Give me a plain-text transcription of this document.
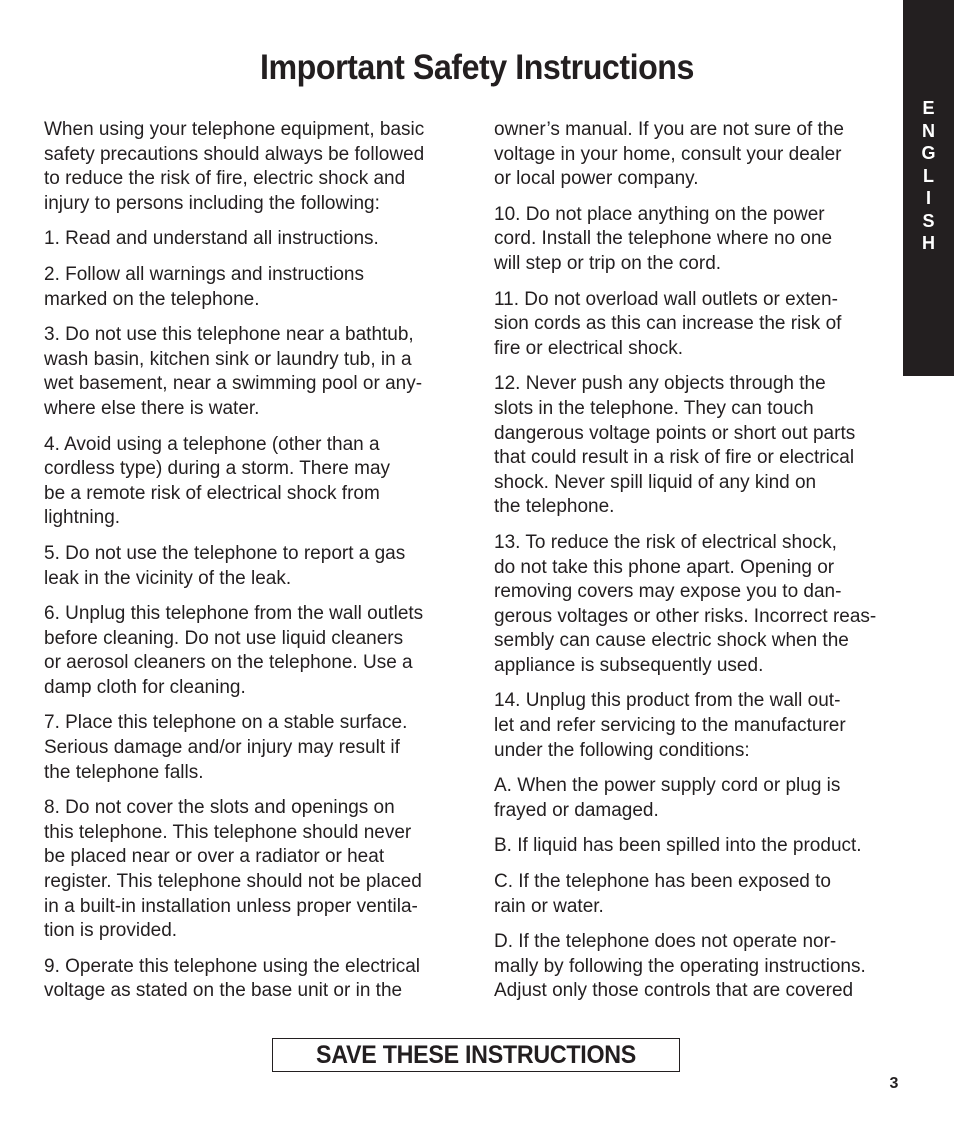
Important Safety Instructions
E
N
G
L
I
S
H

When using your telephone equipment, basic
safety precautions should always be followed
to reduce the risk of fire, electric shock and
injury to persons including the following:

1. Read and understand all instructions.

2. Follow all warnings and instructions
marked on the telephone.

3. Do not use this telephone near a bathtub,
wash basin, kitchen sink or laundry tub, in a
wet basement, near a swimming pool or any-
where else there is water.

4. Avoid using a telephone (other than a
cordless type) during a storm. There may
be a remote risk of electrical shock from
lightning.

5. Do not use the telephone to report a gas
leak in the vicinity of the leak.

6. Unplug this telephone from the wall outlets
before cleaning. Do not use liquid cleaners
or aerosol cleaners on the telephone. Use a
damp cloth for cleaning.

7. Place this telephone on a stable surface.
Serious damage and/or injury may result if
the telephone falls.

8. Do not cover the slots and openings on
this telephone. This telephone should never
be placed near or over a radiator or heat
register. This telephone should not be placed
in a built-in installation unless proper ventila-
tion is provided.

9. Operate this telephone using the electrical
voltage as stated on the base unit or in the

owner’s manual. If you are not sure of the
voltage in your home, consult your dealer
or local power company.

10. Do not place anything on the power
cord. Install the telephone where no one
will step or trip on the cord.

11. Do not overload wall outlets or exten-
sion cords as this can increase the risk of
fire or electrical shock.

12. Never push any objects through the
slots in the telephone. They can touch
dangerous voltage points or short out parts
that could result in a risk of fire or electrical
shock. Never spill liquid of any kind on
the telephone.

13. To reduce the risk of electrical shock,
do not take this phone apart. Opening or
removing covers may expose you to dan-
gerous voltages or other risks. Incorrect reas-
sembly can cause electric shock when the
appliance is subsequently used.

14. Unplug this product from the wall out-
let and refer servicing to the manufacturer
under the following conditions:

A. When the power supply cord or plug is
frayed or damaged.

B. If liquid has been spilled into the product.

C. If the telephone has been exposed to
rain or water.

D. If the telephone does not operate nor-
mally by following the operating instructions.
Adjust only those controls that are covered

SAVE THESE INSTRUCTIONS
3
